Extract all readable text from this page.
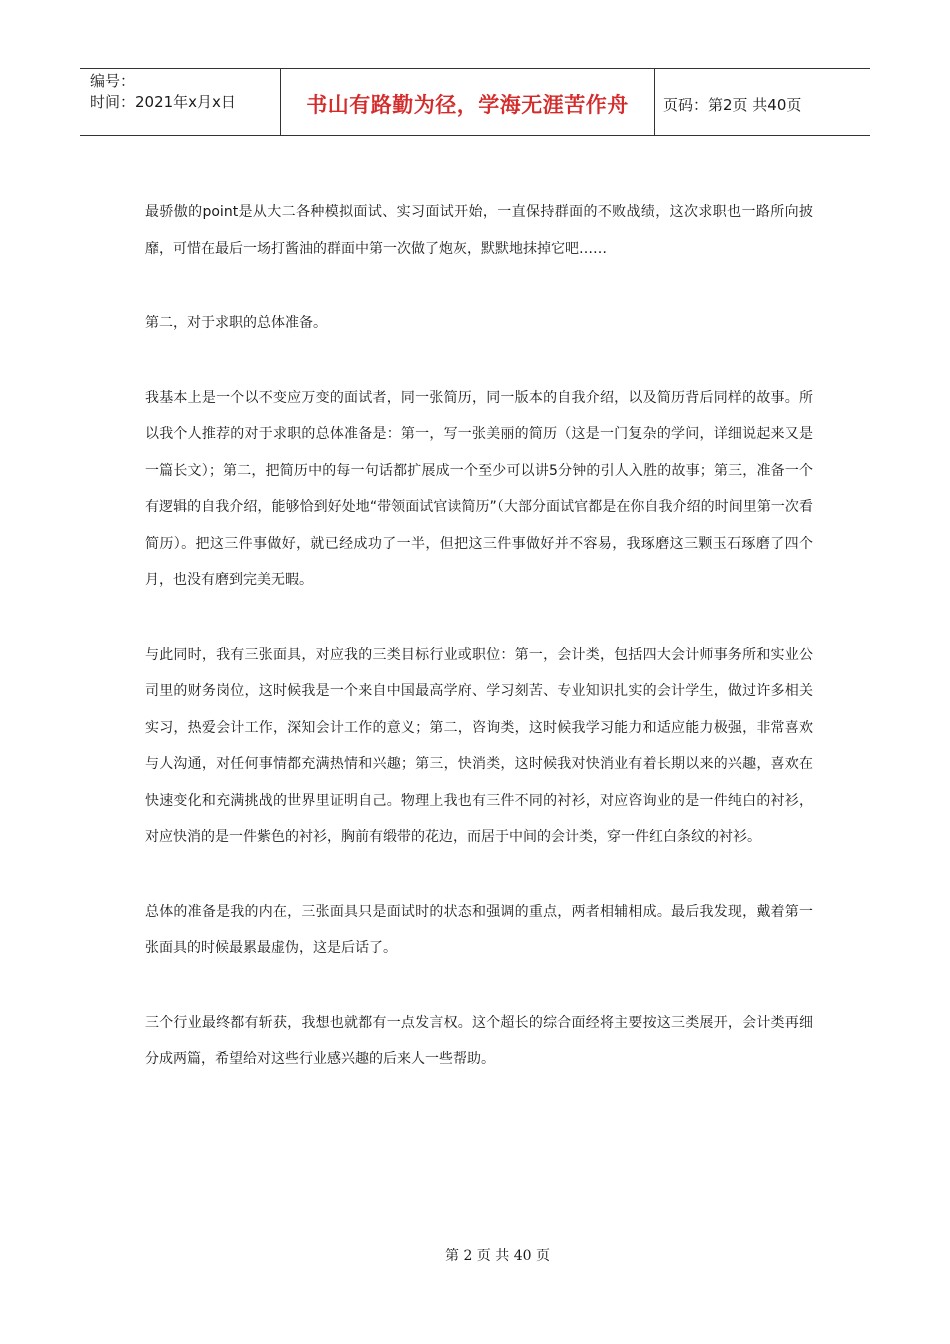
编号：
时间：2021年x月x日	书山有路勤为径，学海无涯苦作舟 页码：第2页 共40页

最骄傲的point是从大二各种模拟面试、实习面试开始，一直保持群面的不败战绩，这次求职也一路所向披靡，可惜在最后一场打酱油的群面中第一次做了炮灰，默默地抹掉它吧……

第二，对于求职的总体准备。

我基本上是一个以不变应万变的面试者，同一张简历，同一版本的自我介绍，以及简历背后同样的故事。所以我个人推荐的对于求职的总体准备是：第一，写一张美丽的简历（这是一门复杂的学问，详细说起来又是一篇长文）；第二，把简历中的每一句话都扩展成一个至少可以讲5分钟的引人入胜的故事；第三，准备一个有逻辑的自我介绍，能够恰到好处地“带领面试官读简历”（大部分面试官都是在你自我介绍的时间里第一次看简历）。把这三件事做好，就已经成功了一半，但把这三件事做好并不容易，我琢磨这三颗玉石琢磨了四个月，也没有磨到完美无暇。

与此同时，我有三张面具，对应我的三类目标行业或职位：第一，会计类，包括四大会计师事务所和实业公司里的财务岗位，这时候我是一个来自中国最高学府、学习刻苦、专业知识扎实的会计学生，做过许多相关实习，热爱会计工作，深知会计工作的意义；第二，咨询类，这时候我学习能力和适应能力极强，非常喜欢与人沟通，对任何事情都充满热情和兴趣；第三，快消类，这时候我对快消业有着长期以来的兴趣，喜欢在快速变化和充满挑战的世界里证明自己。物理上我也有三件不同的衬衫，对应咨询业的是一件纯白的衬衫，对应快消的是一件紫色的衬衫，胸前有缎带的花边，而居于中间的会计类，穿一件红白条纹的衬衫。

总体的准备是我的内在，三张面具只是面试时的状态和强调的重点，两者相辅相成。最后我发现，戴着第一张面具的时候最累最虚伪，这是后话了。

三个行业最终都有斩获，我想也就都有一点发言权。这个超长的综合面经将主要按这三类展开，会计类再细分成两篇，希望给对这些行业感兴趣的后来人一些帮助。

第 2 页 共 40 页
